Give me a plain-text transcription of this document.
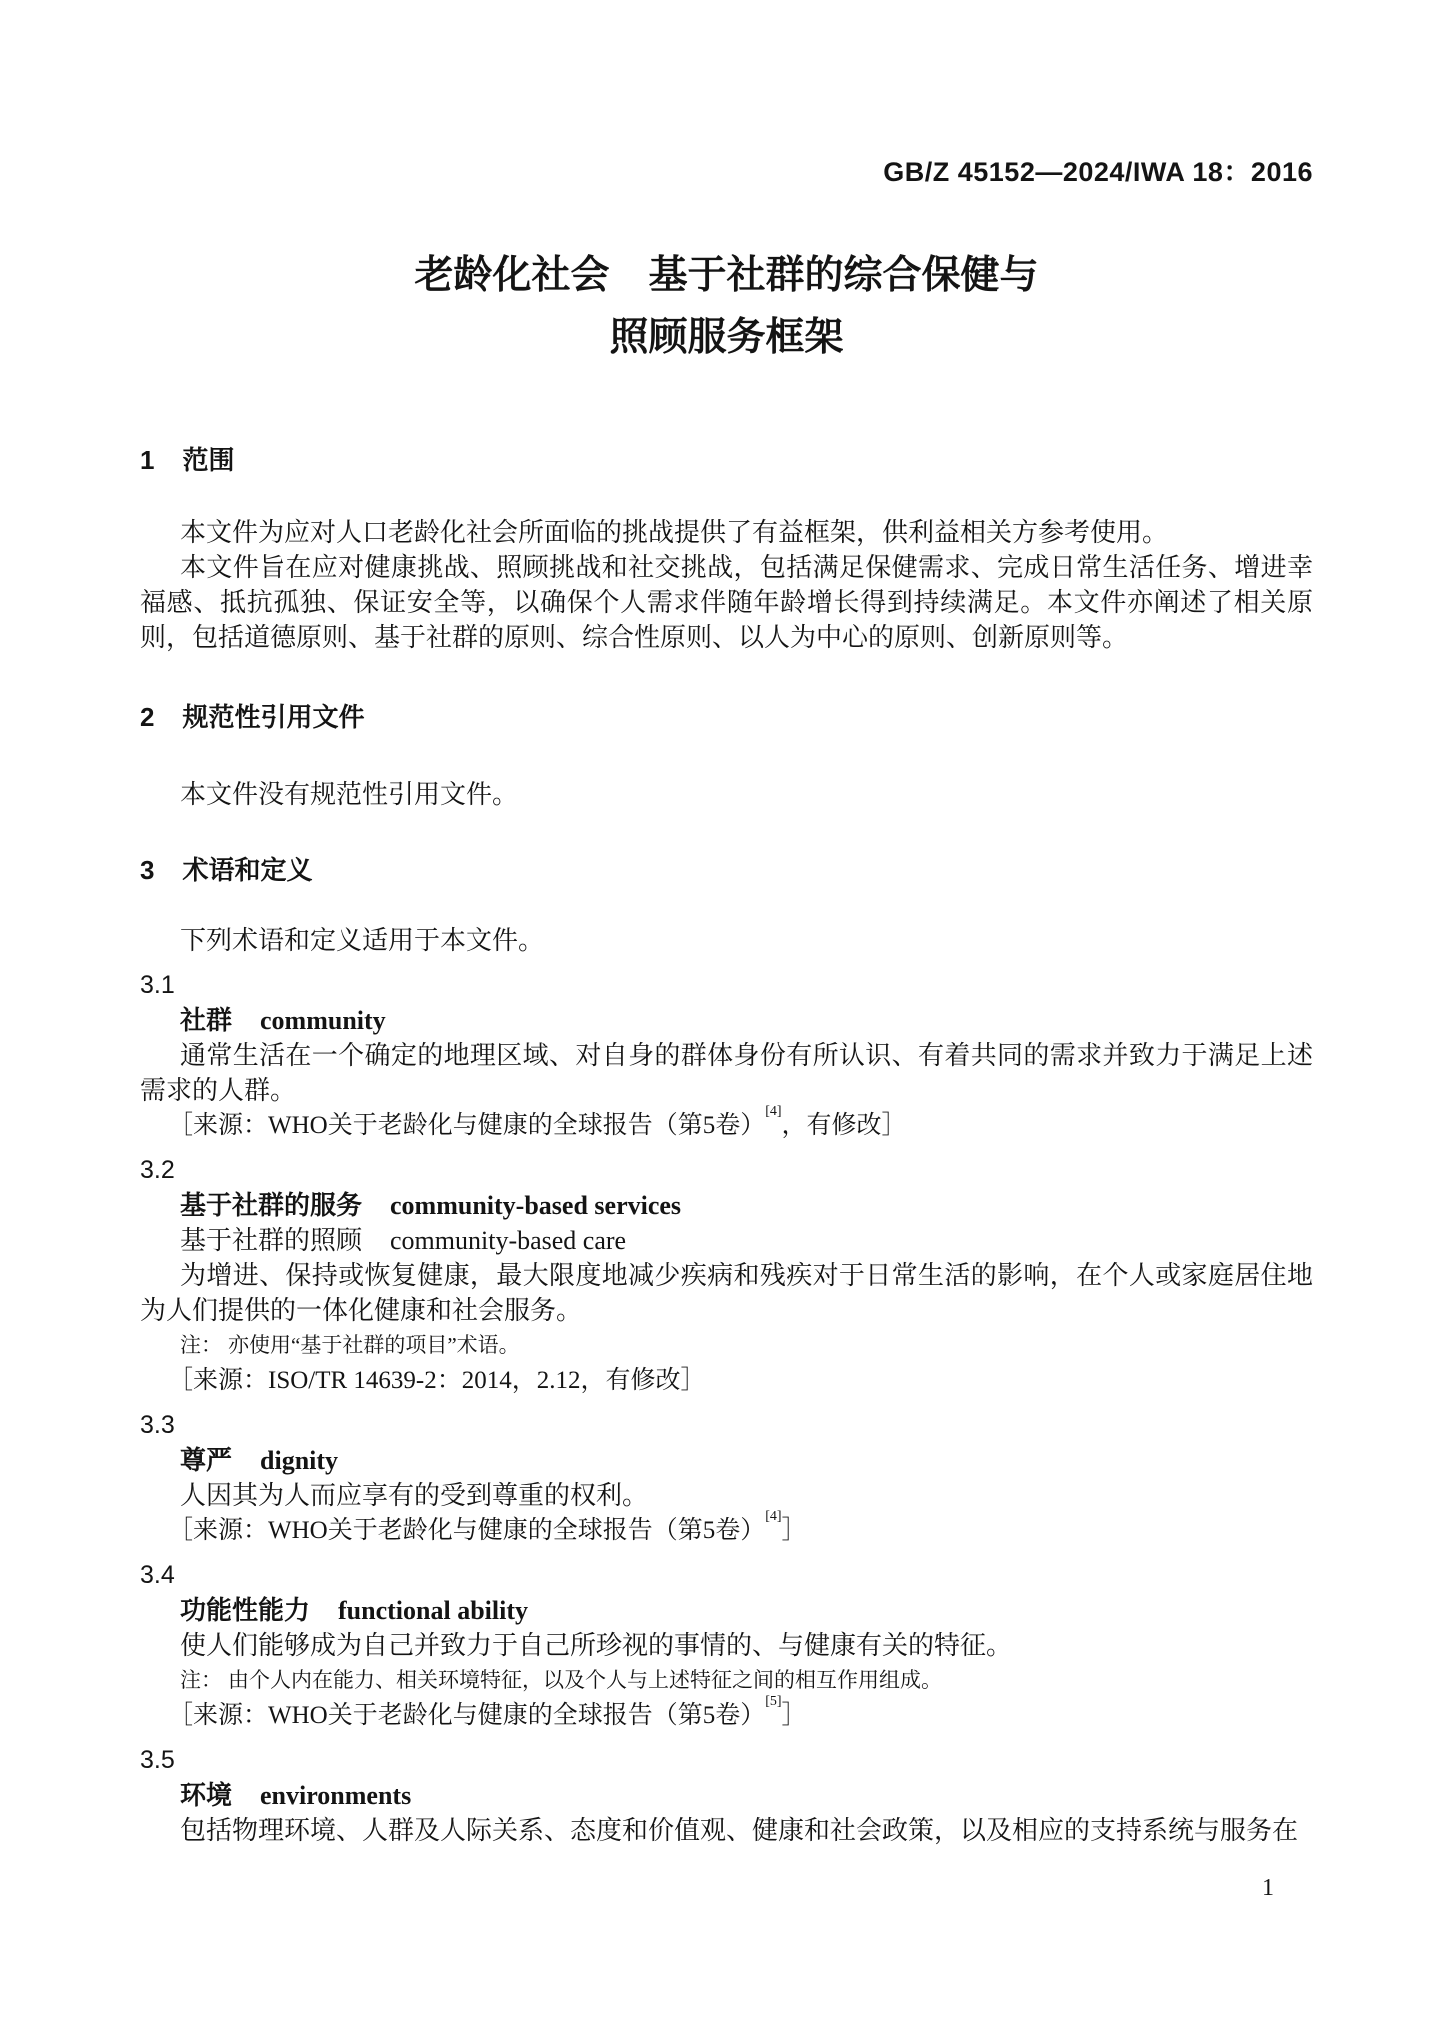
GB/Z 45152—2024/IWA 18：2016
老龄化社会　基于社群的综合保健与
照顾服务框架
1 范围

本文件为应对人口老龄化社会所面临的挑战提供了有益框架，供利益相关方参考使用。

本文件旨在应对健康挑战、照顾挑战和社交挑战，包括满足保健需求、完成日常生活任务、增进幸福感、抵抗孤独、保证安全等，以确保个人需求伴随年龄增长得到持续满足。本文件亦阐述了相关原则，包括道德原则、基于社群的原则、综合性原则、以人为中心的原则、创新原则等。

2 规范性引用文件

本文件没有规范性引用文件。

3 术语和定义

下列术语和定义适用于本文件。

3.1

社群 community

通常生活在一个确定的地理区域、对自身的群体身份有所认识、有着共同的需求并致力于满足上述需求的人群。

［来源：WHO关于老龄化与健康的全球报告（第5卷）[4]，有修改］

3.2

基于社群的服务 community-based services

基于社群的照顾 community-based care

为增进、保持或恢复健康，最大限度地减少疾病和残疾对于日常生活的影响，在个人或家庭居住地为人们提供的一体化健康和社会服务。

注： 亦使用“基于社群的项目”术语。

［来源：ISO/TR 14639-2：2014，2.12，有修改］

3.3

尊严 dignity

人因其为人而应享有的受到尊重的权利。

［来源：WHO关于老龄化与健康的全球报告（第5卷）[4]］

3.4

功能性能力 functional ability

使人们能够成为自己并致力于自己所珍视的事情的、与健康有关的特征。

注： 由个人内在能力、相关环境特征，以及个人与上述特征之间的相互作用组成。

［来源：WHO关于老龄化与健康的全球报告（第5卷）[5]］

3.5

环境 environments

包括物理环境、人群及人际关系、态度和价值观、健康和社会政策，以及相应的支持系统与服务在

1
